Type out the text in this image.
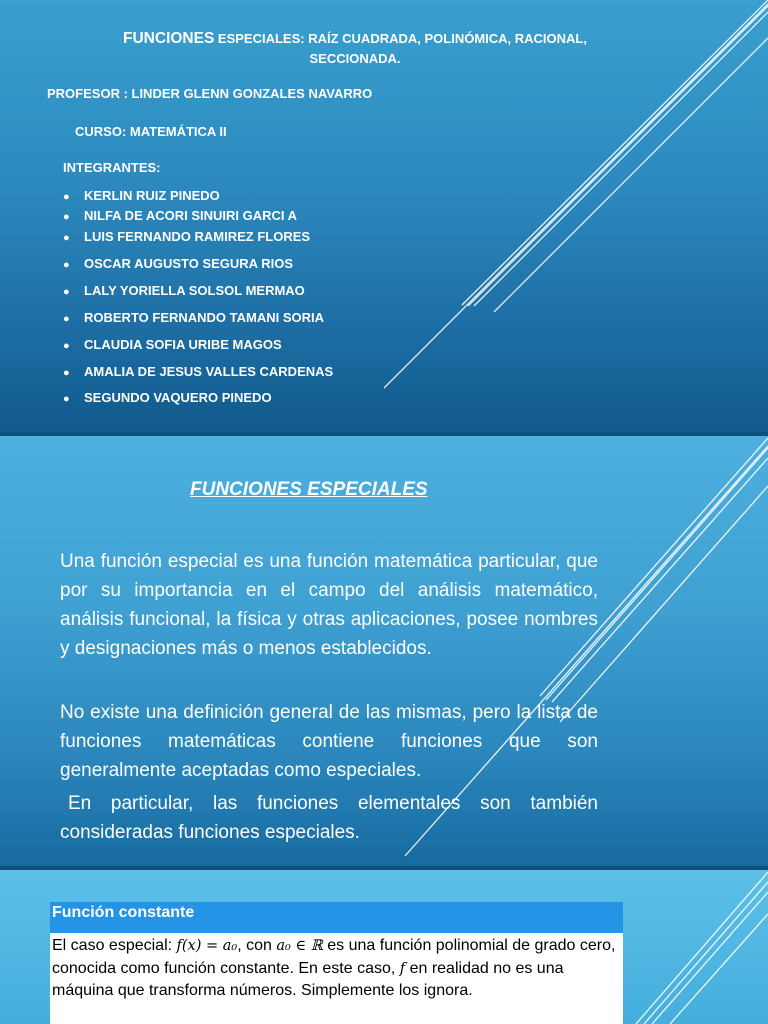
FUNCIONES ESPECIALES: RAÍZ CUADRADA, POLINÓMICA, RACIONAL, SECCIONADA.
PROFESOR : LINDER GLENN GONZALES NAVARRO
CURSO: MATEMÁTICA II
INTEGRANTES:
● KERLIN RUIZ PINEDO
● NILFA DE ACORI SINUIRI GARCI A
● LUIS FERNANDO RAMIREZ FLORES
● OSCAR AUGUSTO SEGURA RIOS
● LALY YORIELLA SOLSOL MERMAO
● ROBERTO FERNANDO TAMANI SORIA
● CLAUDIA SOFIA URIBE MAGOS
● AMALIA DE JESUS VALLES CARDENAS
● SEGUNDO VAQUERO PINEDO
FUNCIONES ESPECIALES
Una función especial es una función matemática particular, que por su importancia en el campo del análisis matemático, análisis funcional, la física y otras aplicaciones, posee nombres y designaciones más o menos establecidos.
No existe una definición general de las mismas, pero la lista de funciones matemáticas contiene funciones que son generalmente aceptadas como especiales.
En particular, las funciones elementales son también consideradas funciones especiales.
Función constante
El caso especial: f(x) = a₀, con a₀ ∈ ℝ es una función polinomial de grado cero, conocida como función constante. En este caso, f en realidad no es una máquina que transforma números. Simplemente los ignora.
